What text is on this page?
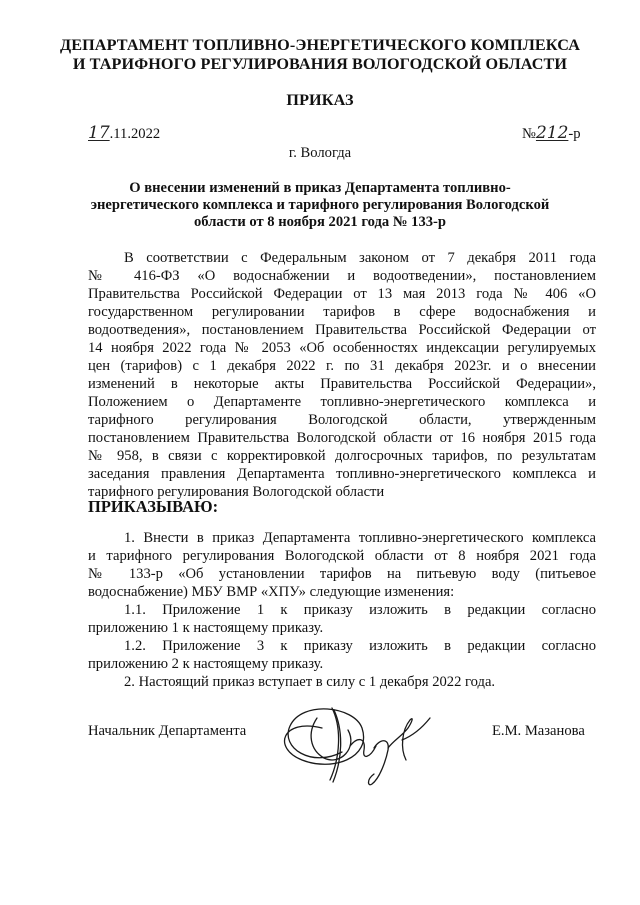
ДЕПАРТАМЕНТ ТОПЛИВНО-ЭНЕРГЕТИЧЕСКОГО КОМПЛЕКСА
И ТАРИФНОГО РЕГУЛИРОВАНИЯ ВОЛОГОДСКОЙ ОБЛАСТИ
ПРИКАЗ
17.11.2022	№212-р
г. Вологда
О внесении изменений в приказ Департамента топливно-
энергетического комплекса и тарифного регулирования Вологодской
области от 8 ноября 2021 года № 133-р
В соответствии с Федеральным законом от 7 декабря 2011 года
№ 416-ФЗ «О водоснабжении и водоотведении», постановлением
Правительства Российской Федерации от 13 мая 2013 года № 406 «О
государственном регулировании тарифов в сфере водоснабжения и
водоотведения», постановлением Правительства Российской Федерации от
14 ноября 2022 года № 2053 «Об особенностях индексации регулируемых
цен (тарифов) с 1 декабря 2022 г. по 31 декабря 2023г. и о внесении
изменений в некоторые акты Правительства Российской Федерации»,
Положением о Департаменте топливно-энергетического комплекса и
тарифного регулирования Вологодской области, утвержденным
постановлением Правительства Вологодской области от 16 ноября 2015 года
№ 958, в связи с корректировкой долгосрочных тарифов, по результатам
заседания правления Департамента топливно-энергетического комплекса и
тарифного регулирования Вологодской области
ПРИКАЗЫВАЮ:
1. Внести в приказ Департамента топливно-энергетического комплекса
и тарифного регулирования Вологодской области от 8 ноября 2021 года
№ 133-р «Об установлении тарифов на питьевую воду (питьевое
водоснабжение) МБУ ВМР «ХПУ» следующие изменения:
1.1. Приложение 1 к приказу изложить в редакции согласно
приложению 1 к настоящему приказу.
1.2. Приложение 3 к приказу изложить в редакции согласно
приложению 2 к настоящему приказу.
2. Настоящий приказ вступает в силу с 1 декабря 2022 года.
Начальник Департамента	Е.М. Мазанова
